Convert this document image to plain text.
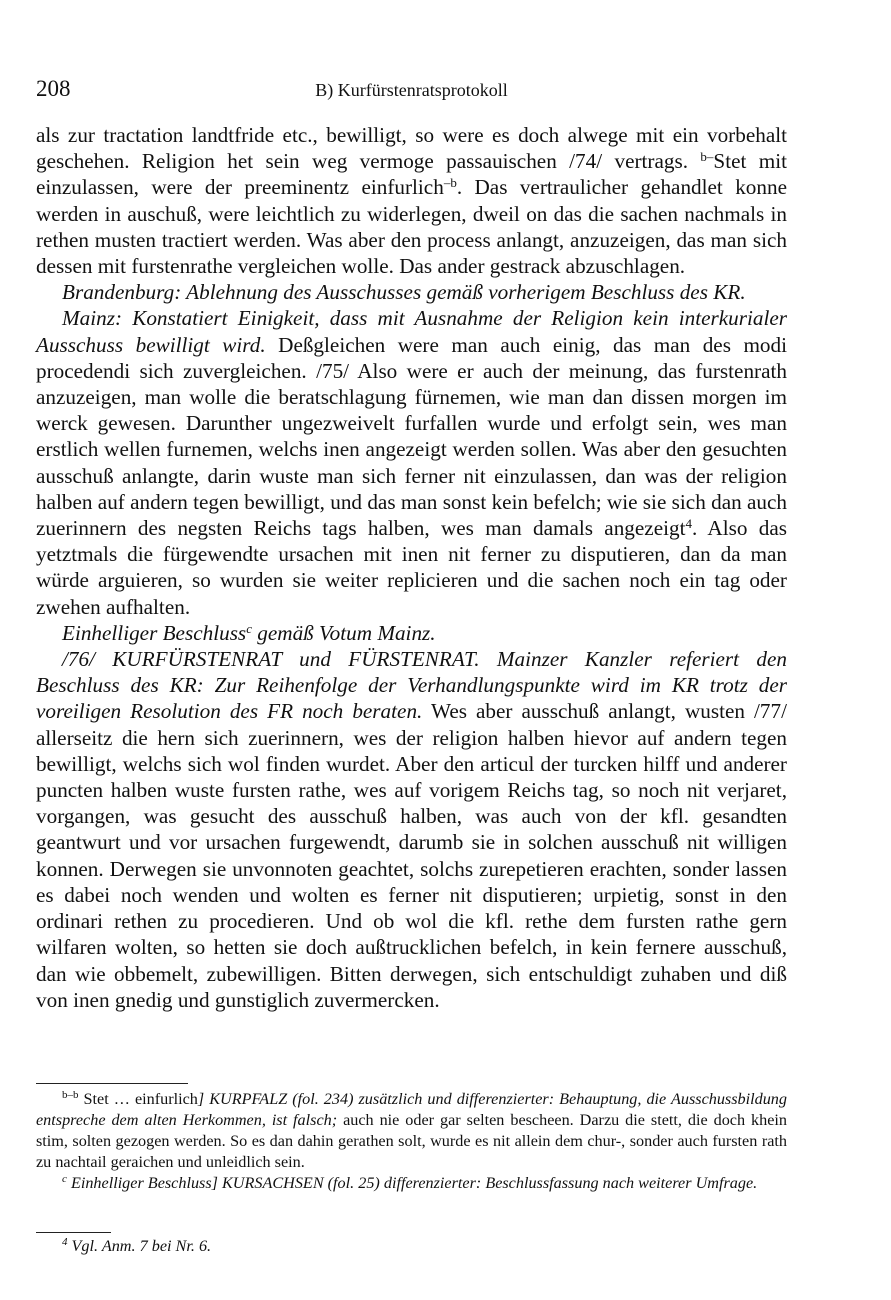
208	B) Kurfürstenratsprotokoll

als zur tractation landtfride etc., bewilligt, so were es doch alwege mit ein vorbehalt geschehen. Religion het sein weg vermoge passauischen /74/ vertrags. $^{b-}$Stet mit einzulassen, were der preeminentz einfurlich$^{-b}$. Das vertraulicher gehandlet konne werden in auschuß, were leichtlich zu widerlegen, dweil on das die sachen nachmals in rethen musten tractiert werden. Was aber den process anlangt, anzuzeigen, das man sich dessen mit furstenrathe vergleichen wolle. Das ander gestrack abzuschlagen.

Brandenburg: Ablehnung des Ausschusses gemäß vorherigem Beschluss des KR.

Mainz: Konstatiert Einigkeit, dass mit Ausnahme der Religion kein interkurialer Ausschuss bewilligt wird. Deßgleichen were man auch einig, das man des modi procedendi sich zuvergleichen. /75/ Also were er auch der meinung, das furstenrath anzuzeigen, man wolle die beratschlagung fürnemen, wie man dan dissen morgen im werck gewesen. Darunther ungezweivelt furfallen wurde und erfolgt sein, wes man erstlich wellen furnemen, welchs inen angezeigt werden sollen. Was aber den gesuchten ausschuß anlangte, darin wuste man sich ferner nit einzulassen, dan was der religion halben auf andern tegen bewilligt, und das man sonst kein befelch; wie sie sich dan auch zuerinnern des negsten Reichs tags halben, wes man damals angezeigt$^4$. Also das yetztmals die fürgewendte ursachen mit inen nit ferner zu disputieren, dan da man würde arguieren, so wurden sie weiter replicieren und die sachen noch ein tag oder zwehen aufhalten.

Einhelliger Beschluss$^c$ gemäß Votum Mainz.

/76/ KURFÜRSTENRAT und FÜRSTENRAT. Mainzer Kanzler referiert den Beschluss des KR: Zur Reihenfolge der Verhandlungspunkte wird im KR trotz der voreiligen Resolution des FR noch beraten. Wes aber ausschuß anlangt, wusten /77/ allerseitz die hern sich zuerinnern, wes der religion halben hievor auf andern tegen bewilligt, welchs sich wol finden wurdet. Aber den articul der turcken hilff und anderer puncten halben wuste fursten rathe, wes auf vorigem Reichs tag, so noch nit verjaret, vorgangen, was gesucht des ausschuß halben, was auch von der kfl. gesandten geantwurt und vor ursachen furgewendt, darumb sie in solchen ausschuß nit willigen konnen. Derwegen sie unvonnoten geachtet, solchs zurepetieren erachten, sonder lassen es dabei noch wenden und wolten es ferner nit disputieren; urpietig, sonst in den ordinari rethen zu procedieren. Und ob wol die kfl. rethe dem fursten rathe gern wilfaren wolten, so hetten sie doch außtrucklichen befelch, in kein fernere ausschuß, dan wie obbemelt, zubewilligen. Bitten derwegen, sich entschuldigt zuhaben und diß von inen gnedig und gunstiglich zuvermercken.

$^{b-b}$ Stet … einfurlich] KURPFALZ (fol. 234) zusätzlich und differenzierter: Behauptung, die Ausschussbildung entspreche dem alten Herkommen, ist falsch; auch nie oder gar selten bescheen. Darzu die stett, die doch khein stim, solten gezogen werden. So es dan dahin gerathen solt, wurde es nit allein dem chur-, sonder auch fursten rath zu nachtail geraichen und unleidlich sein.

$^c$ Einhelliger Beschluss] KURSACHSEN (fol. 25) differenzierter: Beschlussfassung nach weiterer Umfrage.

$^4$ Vgl. Anm. 7 bei Nr. 6.
